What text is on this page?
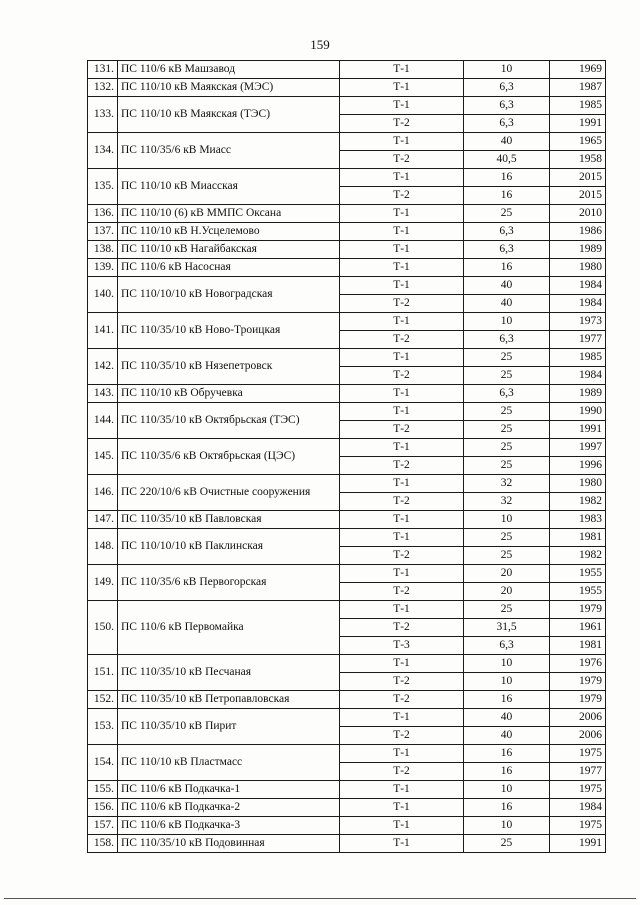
159
131.	ПС 110/6 кВ Машзавод	Т-1	10	1969
132.	ПС 110/10 кВ Маякская (МЭС)	Т-1	6,3	1987
133.	ПС 110/10 кВ Маякская (ТЭС)	Т-1	6,3	1985
		Т-2	6,3	1991
134.	ПС 110/35/6 кВ Миасс	Т-1	40	1965
		Т-2	40,5	1958
135.	ПС 110/10 кВ Миасская	Т-1	16	2015
		Т-2	16	2015
136.	ПС 110/10 (6) кВ ММПС Оксана	Т-1	25	2010
137.	ПС 110/10 кВ Н.Усцелемово	Т-1	6,3	1986
138.	ПС 110/10 кВ Нагайбакская	Т-1	6,3	1989
139.	ПС 110/6 кВ Насосная	Т-1	16	1980
140.	ПС 110/10/10 кВ Новоградская	Т-1	40	1984
		Т-2	40	1984
141.	ПС 110/35/10 кВ Ново-Троицкая	Т-1	10	1973
		Т-2	6,3	1977
142.	ПС 110/35/10 кВ Нязепетровск	Т-1	25	1985
		Т-2	25	1984
143.	ПС 110/10 кВ Обручевка	Т-1	6,3	1989
144.	ПС 110/35/10 кВ Октябрьская (ТЭС)	Т-1	25	1990
		Т-2	25	1991
145.	ПС 110/35/6 кВ Октябрьская (ЦЭС)	Т-1	25	1997
		Т-2	25	1996
146.	ПС 220/10/6 кВ Очистные сооружения	Т-1	32	1980
		Т-2	32	1982
147.	ПС 110/35/10 кВ Павловская	Т-1	10	1983
148.	ПС 110/10/10 кВ Паклинская	Т-1	25	1981
		Т-2	25	1982
149.	ПС 110/35/6 кВ Первогорская	Т-1	20	1955
		Т-2	20	1955
150.	ПС 110/6 кВ Первомайка	Т-1	25	1979
		Т-2	31,5	1961
		Т-3	6,3	1981
151.	ПС 110/35/10 кВ Песчаная	Т-1	10	1976
		Т-2	10	1979
152.	ПС 110/35/10 кВ Петропавловская	Т-2	16	1979
153.	ПС 110/35/10 кВ Пирит	Т-1	40	2006
		Т-2	40	2006
154.	ПС 110/10 кВ Пластмасс	Т-1	16	1975
		Т-2	16	1977
155.	ПС 110/6 кВ Подкачка-1	Т-1	10	1975
156.	ПС 110/6 кВ Подкачка-2	Т-1	16	1984
157.	ПС 110/6 кВ Подкачка-3	Т-1	10	1975
158.	ПС 110/35/10 кВ Подовинная	Т-1	25	1991
